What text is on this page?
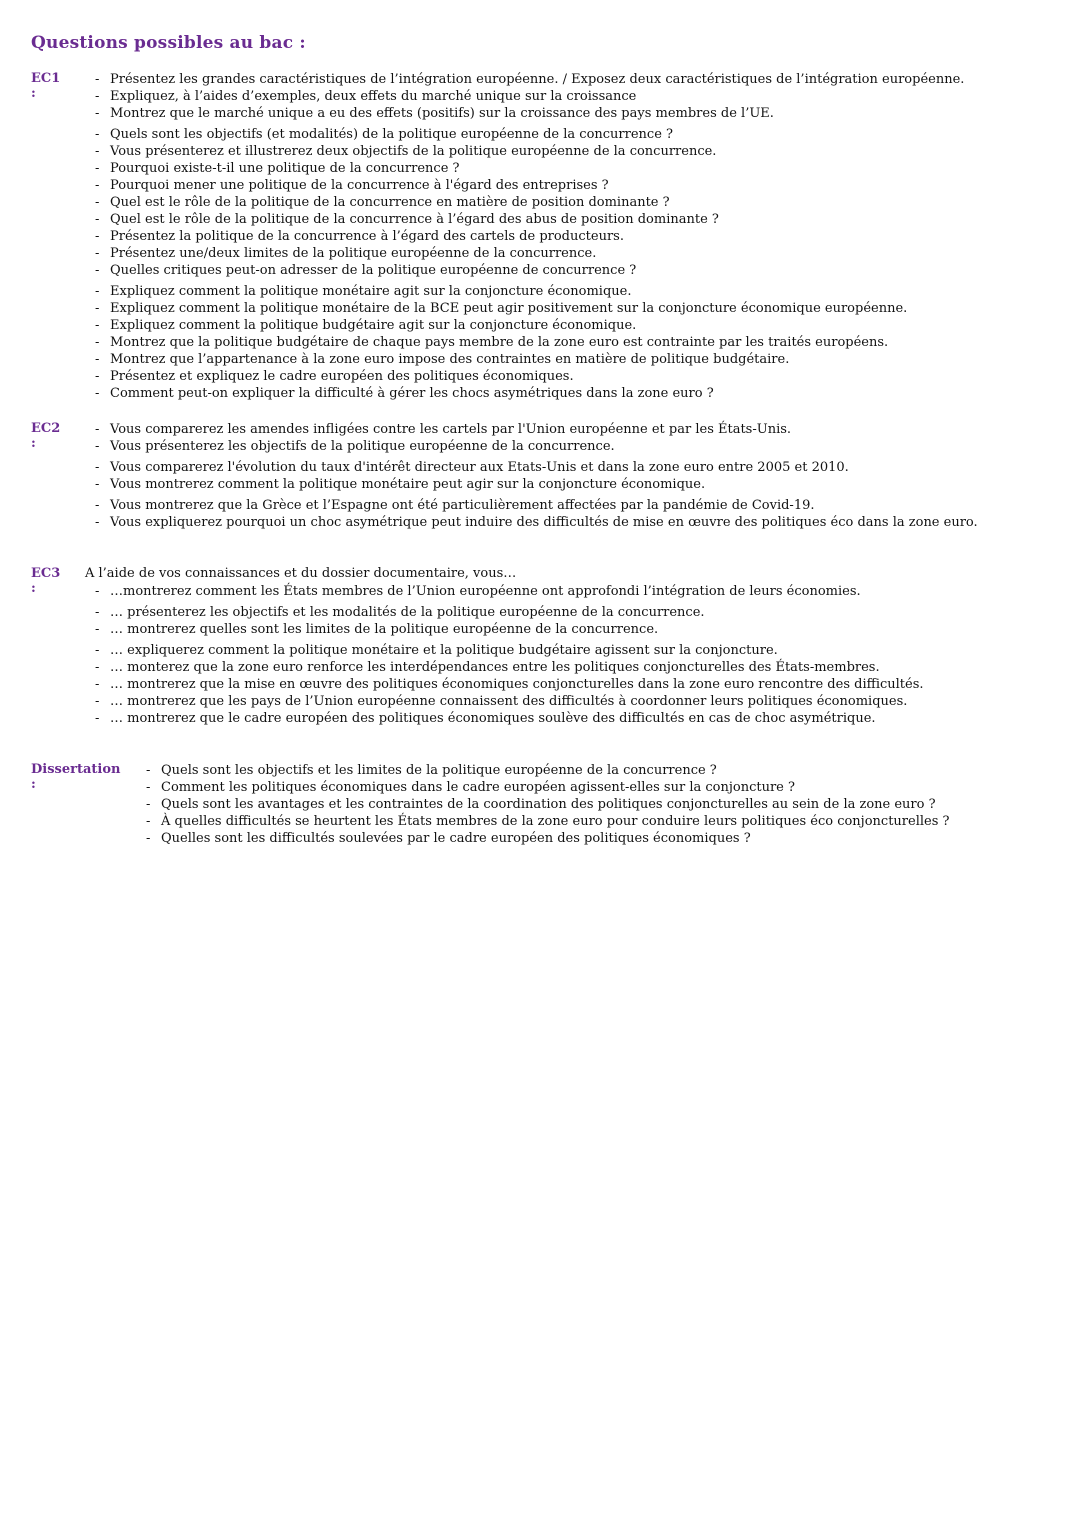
Questions possibles au bac :
EC1 :
- Présentez les grandes caractéristiques de l’intégration européenne. / Exposez deux caractéristiques de l’intégration européenne.
- Expliquez, à l’aides d’exemples, deux effets du marché unique sur la croissance
- Montrez que le marché unique a eu des effets (positifs) sur la croissance des pays membres de l’UE.
- Quels sont les objectifs (et modalités) de la politique européenne de la concurrence ?
- Vous présenterez et illustrerez deux objectifs de la politique européenne de la concurrence.
- Pourquoi existe-t-il une politique de la concurrence ?
- Pourquoi mener une politique de la concurrence à l'égard des entreprises ?
- Quel est le rôle de la politique de la concurrence en matière de position dominante ?
- Quel est le rôle de la politique de la concurrence à l’égard des abus de position dominante ?
- Présentez la politique de la concurrence à l’égard des cartels de producteurs.
- Présentez une/deux limites de la politique européenne de la concurrence.
- Quelles critiques peut-on adresser de la politique européenne de concurrence ?
- Expliquez comment la politique monétaire agit sur la conjoncture économique.
- Expliquez comment la politique monétaire de la BCE peut agir positivement sur la conjoncture économique européenne.
- Expliquez comment la politique budgétaire agit sur la conjoncture économique.
- Montrez que la politique budgétaire de chaque pays membre de la zone euro est contrainte par les traités européens.
- Montrez que l’appartenance à la zone euro impose des contraintes en matière de politique budgétaire.
- Présentez et expliquez le cadre européen des politiques économiques.
- Comment peut-on expliquer la difficulté à gérer les chocs asymétriques dans la zone euro ?
EC2 :
- Vous comparerez les amendes infligées contre les cartels par l'Union européenne et par les États-Unis.
- Vous présenterez les objectifs de la politique européenne de la concurrence.
- Vous comparerez l'évolution du taux d'intérêt directeur aux Etats-Unis et dans la zone euro entre 2005 et 2010.
- Vous montrerez comment la politique monétaire peut agir sur la conjoncture économique.
- Vous montrerez que la Grèce et l’Espagne ont été particulièrement affectées par la pandémie de Covid-19.
- Vous expliquerez pourquoi un choc asymétrique peut induire des difficultés de mise en œuvre des politiques éco dans la zone euro.
EC3 :
A l’aide de vos connaissances et du dossier documentaire, vous…
- …montrerez comment les États membres de l’Union européenne ont approfondi l’intégration de leurs économies.
- … présenterez les objectifs et les modalités de la politique européenne de la concurrence.
- … montrerez quelles sont les limites de la politique européenne de la concurrence.
- … expliquerez comment la politique monétaire et la politique budgétaire agissent sur la conjoncture.
- … monterez que la zone euro renforce les interdépendances entre les politiques conjoncturelles des États-membres.
- … montrerez que la mise en œuvre des politiques économiques conjoncturelles dans la zone euro rencontre des difficultés.
- … montrerez que les pays de l’Union européenne connaissent des difficultés à coordonner leurs politiques économiques.
- … montrerez que le cadre européen des politiques économiques soulève des difficultés en cas de choc asymétrique.
Dissertation :
- Quels sont les objectifs et les limites de la politique européenne de la concurrence ?
- Comment les politiques économiques dans le cadre européen agissent-elles sur la conjoncture ?
- Quels sont les avantages et les contraintes de la coordination des politiques conjoncturelles au sein de la zone euro ?
- À quelles difficultés se heurtent les États membres de la zone euro pour conduire leurs politiques éco conjoncturelles ?
- Quelles sont les difficultés soulevées par le cadre européen des politiques économiques ?
